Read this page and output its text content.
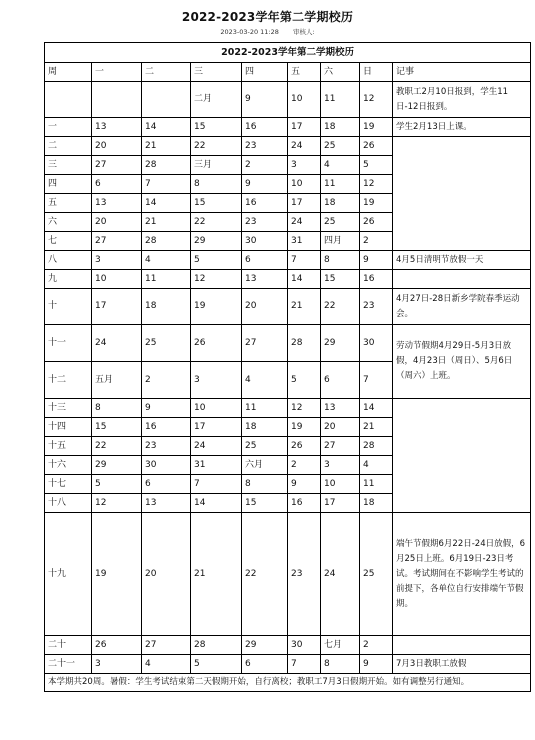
2022-2023学年第二学期校历
2023-03-20 11:28 审核人:
2022-2023学年第二学期校历								
周	一	二	三	四	五	六	日	记事
			二月	9	10	11	12	教职工2月10日报到，学生11日-12日报到。
一	13	14	15	16	17	18	19	学生2月13日上课。
二	20	21	22	23	24	25	26	
三	27	28	三月	2	3	4	5	
四	6	7	8	9	10	11	12	
五	13	14	15	16	17	18	19	
六	20	21	22	23	24	25	26	
七	27	28	29	30	31	四月	2	
八	3	4	5	6	7	8	9	4月5日清明节放假一天
九	10	11	12	13	14	15	16	
十	17	18	19	20	21	22	23	4月27日-28日新乡学院春季运动会。
十一	24	25	26	27	28	29	30	劳动节假期4月29日-5月3日放假，4月23日（周日）、5月6日（周六）上班。
十二	五月	2	3	4	5	6	7	
十三	8	9	10	11	12	13	14	
十四	15	16	17	18	19	20	21	
十五	22	23	24	25	26	27	28	
十六	29	30	31	六月	2	3	4	
十七	5	6	7	8	9	10	11	
十八	12	13	14	15	16	17	18	
十九	19	20	21	22	23	24	25	端午节假期6月22日-24日放假，6月25日上班。6月19日-23日考试。考试期间在不影响学生考试的前提下，各单位自行安排端午节假期。
二十	26	27	28	29	30	七月	2	
二十一	3	4	5	6	7	8	9	7月3日教职工放假
本学期共20周。暑假：学生考试结束第二天假期开始，自行离校；教职工7月3日假期开始。如有调整另行通知。								
